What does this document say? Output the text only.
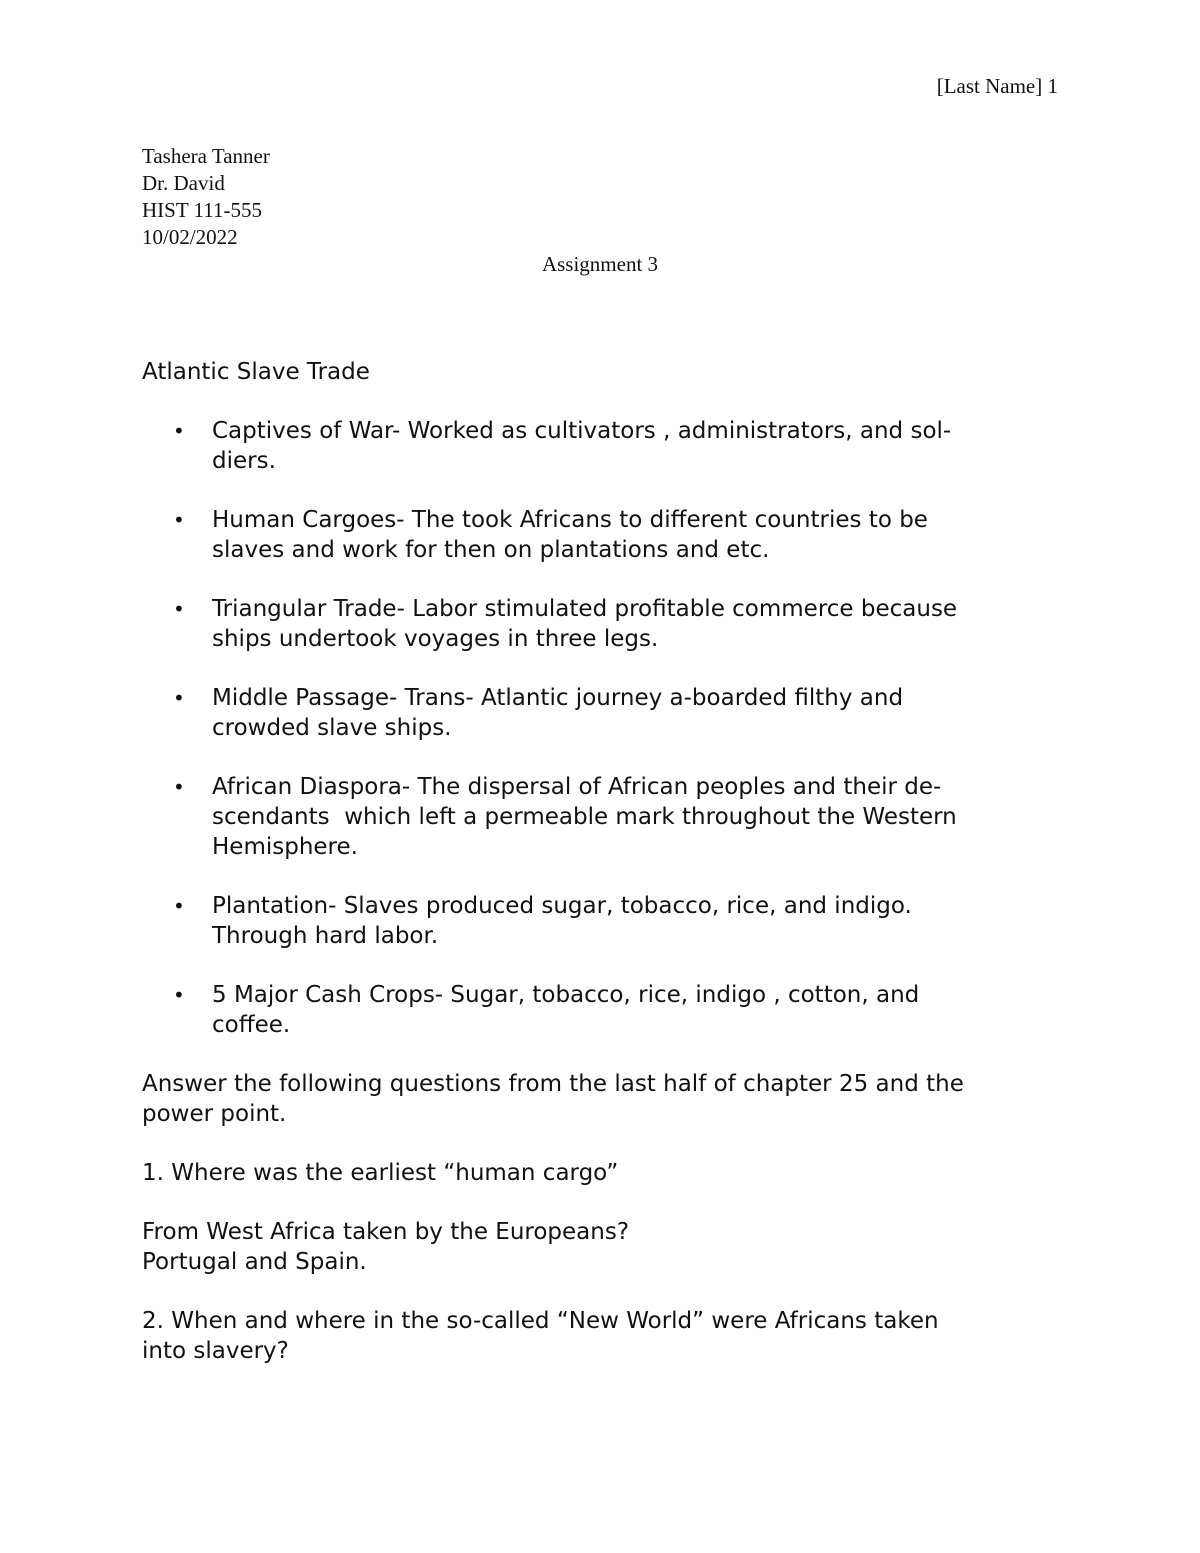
[Last Name] 1
Tashera Tanner
Dr. David
HIST 111-555
10/02/2022
Assignment 3

Atlantic Slave Trade

• Captives of War- Worked as cultivators , administrators, and sol-
diers.
• Human Cargoes- The took Africans to different countries to be
slaves and work for then on plantations and etc.
• Triangular Trade- Labor stimulated profitable commerce because
ships undertook voyages in three legs.
• Middle Passage- Trans- Atlantic journey a-boarded filthy and
crowded slave ships.
• African Diaspora- The dispersal of African peoples and their de-
scendants  which left a permeable mark throughout the Western
Hemisphere.
• Plantation- Slaves produced sugar, tobacco, rice, and indigo.
Through hard labor.
• 5 Major Cash Crops- Sugar, tobacco, rice, indigo , cotton, and
coffee.

Answer the following questions from the last half of chapter 25 and the
power point.

1. Where was the earliest “human cargo”

From West Africa taken by the Europeans?
Portugal and Spain.

2. When and where in the so-called “New World” were Africans taken
into slavery?
